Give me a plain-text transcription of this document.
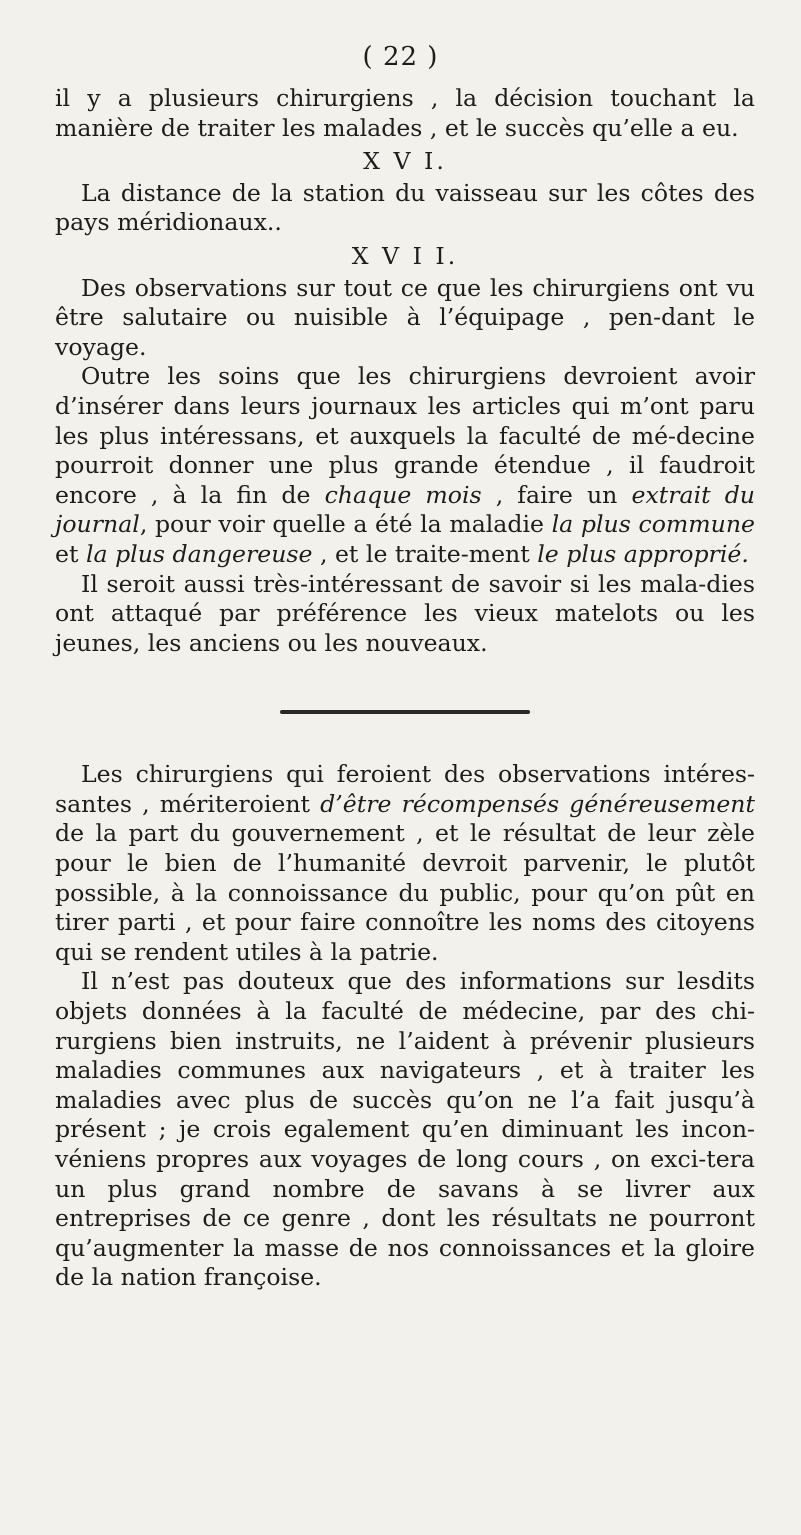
( 22 )

il y a plusieurs chirurgiens , la décision touchant la manière de traiter les malades , et le succès qu’elle a eu.

X V I.

La distance de la station du vaisseau sur les côtes des pays méridionaux..

X V I I.

Des observations sur tout ce que les chirurgiens ont vu être salutaire ou nuisible à l’équipage , pen-dant le voyage.

Outre les soins que les chirurgiens devroient avoir d’insérer dans leurs journaux les articles qui m’ont paru les plus intéressans, et auxquels la faculté de mé-decine pourroit donner une plus grande étendue , il faudroit encore , à la fin de chaque mois , faire un extrait du journal, pour voir quelle a été la maladie la plus commune et la plus dangereuse , et le traite-ment le plus approprié.

Il seroit aussi très-intéressant de savoir si les mala-dies ont attaqué par préférence les vieux matelots ou les jeunes, les anciens ou les nouveaux.

Les chirurgiens qui feroient des observations intéres-santes , mériteroient d’être récompensés généreusement de la part du gouvernement , et le résultat de leur zèle pour le bien de l’humanité devroit parvenir, le plutôt possible, à la connoissance du public, pour qu’on pût en tirer parti , et pour faire connoître les noms des citoyens qui se rendent utiles à la patrie.

Il n’est pas douteux que des informations sur lesdits objets données à la faculté de médecine, par des chi-rurgiens bien instruits, ne l’aident à prévenir plusieurs maladies communes aux navigateurs , et à traiter les maladies avec plus de succès qu’on ne l’a fait jusqu’à présent ; je crois egalement qu’en diminuant les incon-véniens propres aux voyages de long cours , on exci-tera un plus grand nombre de savans à se livrer aux entreprises de ce genre , dont les résultats ne pourront qu’augmenter la masse de nos connoissances et la gloire de la nation françoise.
